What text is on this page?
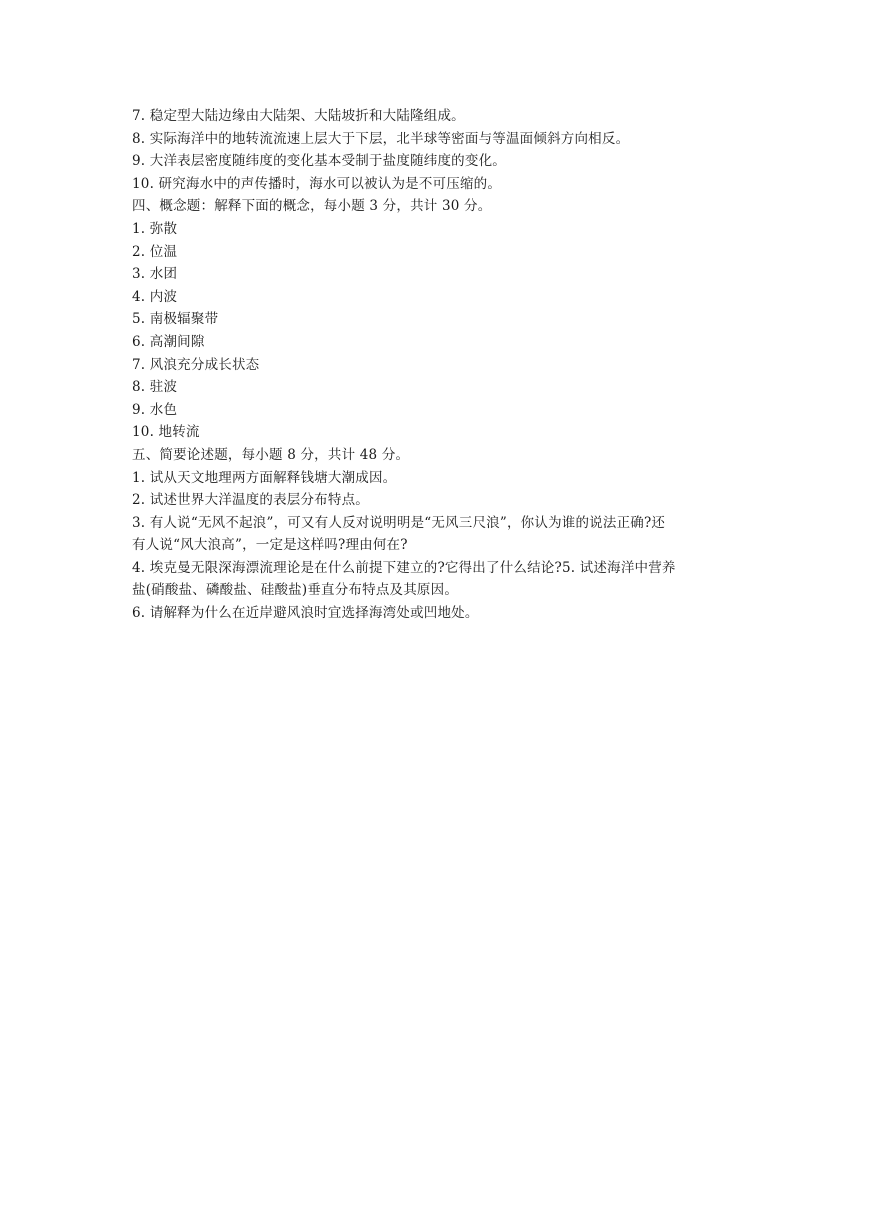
7. 稳定型大陆边缘由大陆架、大陆坡折和大陆隆组成。

8. 实际海洋中的地转流流速上层大于下层，北半球等密面与等温面倾斜方向相反。

9. 大洋表层密度随纬度的变化基本受制于盐度随纬度的变化。

10. 研究海水中的声传播时，海水可以被认为是不可压缩的。

四、概念题：解释下面的概念，每小题 3 分，共计 30 分。

1. 弥散

2. 位温

3. 水团

4. 内波

5. 南极辐聚带

6. 高潮间隙

7. 风浪充分成长状态

8. 驻波

9. 水色

10. 地转流

五、简要论述题，每小题 8 分，共计 48 分。

1. 试从天文地理两方面解释钱塘大潮成因。

2. 试述世界大洋温度的表层分布特点。

3. 有人说“无风不起浪”，可又有人反对说明明是“无风三尺浪”，你认为谁的说法正确?还

有人说“风大浪高”，一定是这样吗?理由何在?

4. 埃克曼无限深海漂流理论是在什么前提下建立的?它得出了什么结论?5. 试述海洋中营养

盐(硝酸盐、磷酸盐、硅酸盐)垂直分布特点及其原因。

6. 请解释为什么在近岸避风浪时宜选择海湾处或凹地处。
